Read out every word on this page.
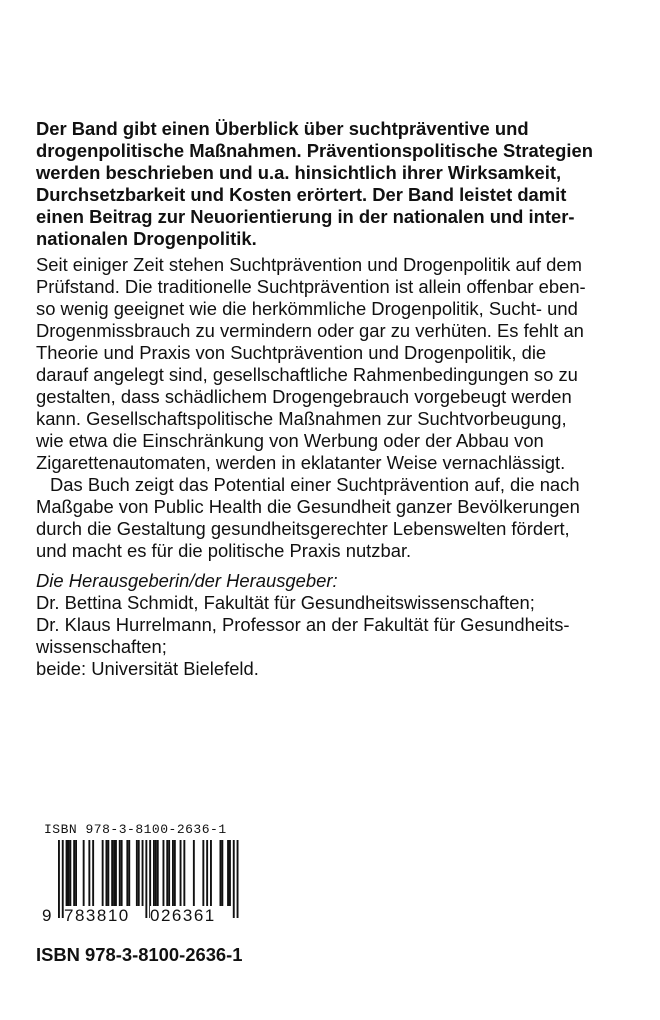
Der Band gibt einen Überblick über suchtpräventive und
drogenpolitische Maßnahmen. Präventionspolitische Strategien
werden beschrieben und u.a. hinsichtlich ihrer Wirksamkeit,
Durchsetzbarkeit und Kosten erörtert. Der Band leistet damit
einen Beitrag zur Neuorientierung in der nationalen und inter-
nationalen Drogenpolitik.
Seit einiger Zeit stehen Suchtprävention und Drogenpolitik auf dem
Prüfstand. Die traditionelle Suchtprävention ist allein offenbar eben-
so wenig geeignet wie die herkömmliche Drogenpolitik, Sucht- und
Drogenmissbrauch zu vermindern oder gar zu verhüten. Es fehlt an
Theorie und Praxis von Suchtprävention und Drogenpolitik, die
darauf angelegt sind, gesellschaftliche Rahmenbedingungen so zu
gestalten, dass schädlichem Drogengebrauch vorgebeugt werden
kann. Gesellschaftspolitische Maßnahmen zur Suchtvorbeugung,
wie etwa die Einschränkung von Werbung oder der Abbau von
Zigarettenautomaten, werden in eklatanter Weise vernachlässigt.
Das Buch zeigt das Potential einer Suchtprävention auf, die nach
Maßgabe von Public Health die Gesundheit ganzer Bevölkerungen
durch die Gestaltung gesundheitsgerechter Lebenswelten fördert,
und macht es für die politische Praxis nutzbar.
Die Herausgeberin/der Herausgeber:
Dr. Bettina Schmidt, Fakultät für Gesundheitswissenschaften;
Dr. Klaus Hurrelmann, Professor an der Fakultät für Gesundheits-
wissenschaften;
beide: Universität Bielefeld.
ISBN 978-3-8100-2636-1
9 783810 026361
ISBN 978-3-8100-2636-1
